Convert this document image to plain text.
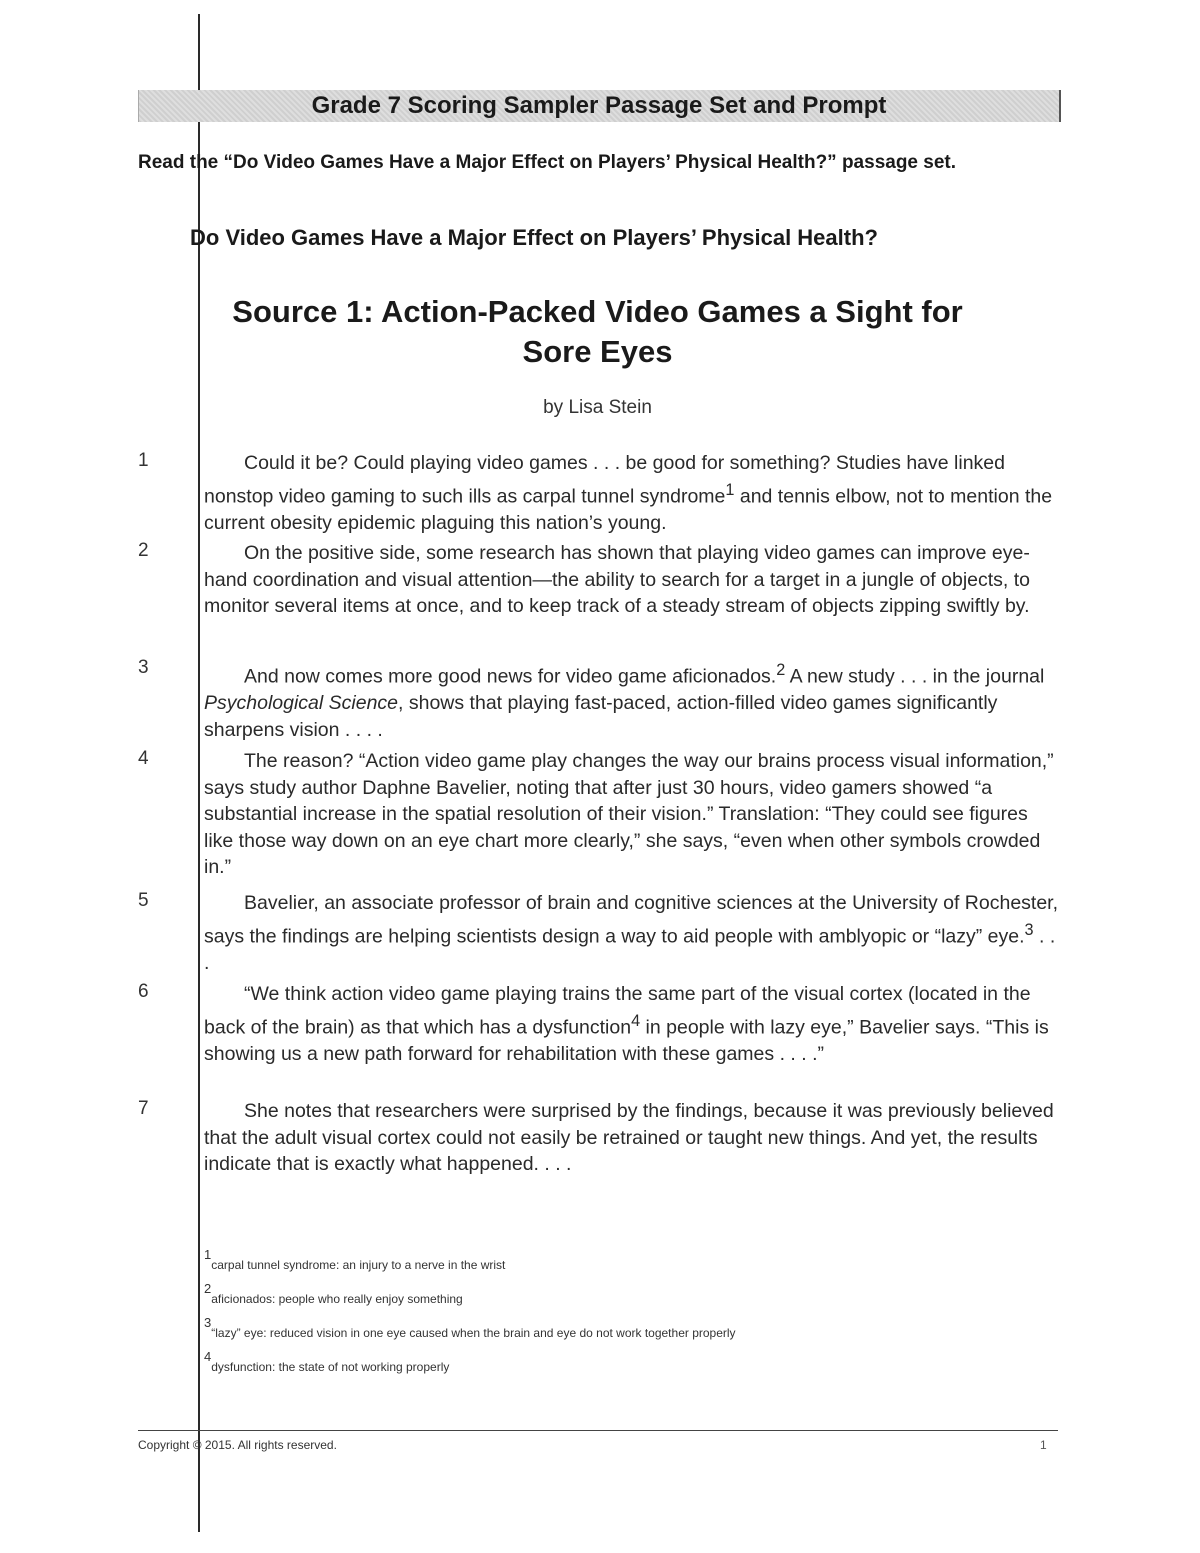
Grade 7 Scoring Sampler Passage Set and Prompt
Read the “Do Video Games Have a Major Effect on Players’ Physical Health?” passage set.
Do Video Games Have a Major Effect on Players’ Physical Health?
Source 1: Action-Packed Video Games a Sight for Sore Eyes
by Lisa Stein
1	Could it be? Could playing video games . . . be good for something? Studies have linked nonstop video gaming to such ills as carpal tunnel syndrome$^1$ and tennis elbow, not to mention the current obesity epidemic plaguing this nation’s young.
2	On the positive side, some research has shown that playing video games can improve eye-hand coordination and visual attention—the ability to search for a target in a jungle of objects, to monitor several items at once, and to keep track of a steady stream of objects zipping swiftly by.
3	And now comes more good news for video game aficionados.$^2$ A new study . . . in the journal Psychological Science, shows that playing fast-paced, action-filled video games significantly sharpens vision . . . .
4	The reason? “Action video game play changes the way our brains process visual information,” says study author Daphne Bavelier, noting that after just 30 hours, video gamers showed “a substantial increase in the spatial resolution of their vision.” Translation: “They could see figures like those way down on an eye chart more clearly,” she says, “even when other symbols crowded in.”
5	Bavelier, an associate professor of brain and cognitive sciences at the University of Rochester, says the findings are helping scientists design a way to aid people with amblyopic or “lazy” eye.$^3$ . . .
6	“We think action video game playing trains the same part of the visual cortex (located in the back of the brain) as that which has a dysfunction$^4$ in people with lazy eye,” Bavelier says. “This is showing us a new path forward for rehabilitation with these games . . . .”
7	She notes that researchers were surprised by the findings, because it was previously believed that the adult visual cortex could not easily be retrained or taught new things. And yet, the results indicate that is exactly what happened. . . .
$^1$carpal tunnel syndrome: an injury to a nerve in the wrist
$^2$aficionados: people who really enjoy something
$^3$“lazy” eye: reduced vision in one eye caused when the brain and eye do not work together properly
$^4$dysfunction: the state of not working properly
Copyright © 2015. All rights reserved.	1
